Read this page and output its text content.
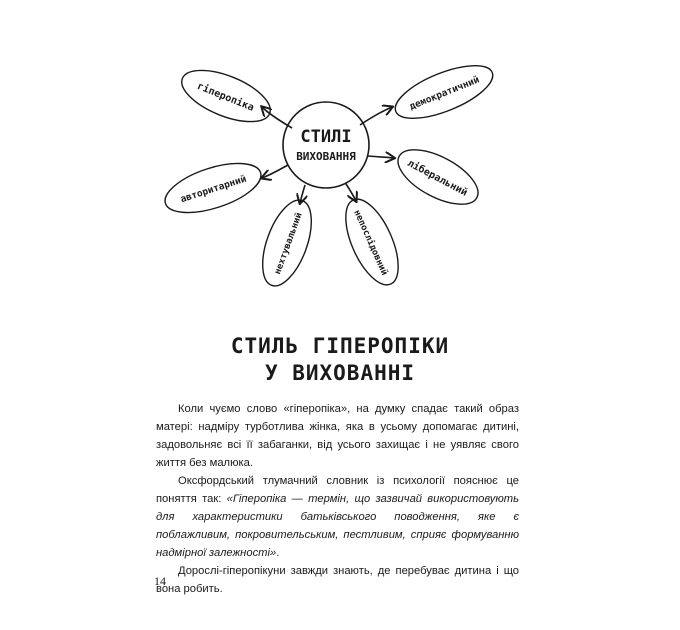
СТИЛІ
ВИХОВАННЯ
гіперопіка	демократичний
авторитарний	ліберальний
нехтувальний	непослідовний
СТИЛЬ ГІПЕРОПІКИ
У ВИХОВАННІ

Коли чуємо слово «гіперопіка», на думку спадає такий образ матері: надміру турботлива жінка, яка в усьому допомагає дитині, задовольняє всі її забаганки, від усього захищає і не уявляє свого життя без малюка.

Оксфордський тлумачний словник із психології пояснює це поняття так: «Гіперопіка — термін, що зазвичай використовують для характеристики батьківського поводження, яке є поблажливим, покровительським, пестливим, сприяє формуванню надмірної залежності».

Дорослі-гіперопікуни завжди знають, де перебуває дитина і що вона робить.

14
